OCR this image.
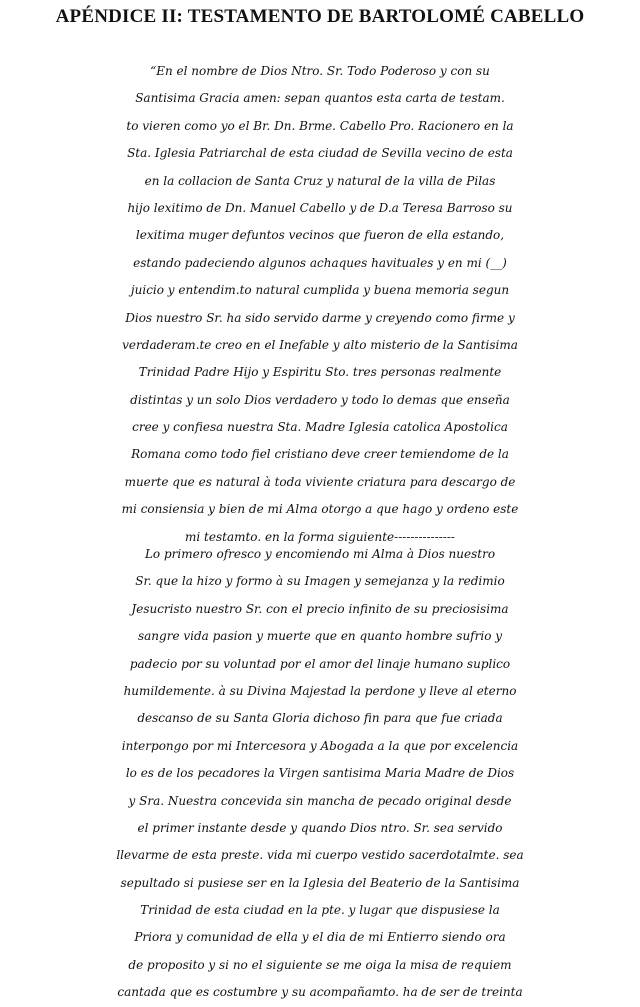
APÉNDICE II: TESTAMENTO DE BARTOLOMÉ CABELLO
“En el nombre de Dios Ntro. Sr. Todo Poderoso y con su
Santisima Gracia amen: sepan quantos esta carta de testam.
to vieren como yo el Br. Dn. Brme. Cabello Pro. Racionero en la
Sta. Iglesia Patriarchal de esta ciudad de Sevilla vecino de esta
en la collacion de Santa Cruz y natural de la villa de Pilas
hijo lexitimo de Dn. Manuel Cabello y de D.a Teresa Barroso su
lexitima muger defuntos vecinos que fueron de ella estando,
estando padeciendo algunos achaques havituales y en mi (__)
juicio y entendim.to natural cumplida y buena memoria segun
Dios nuestro Sr. ha sido servido darme y creyendo como firme y
verdaderam.te creo en el Inefable y alto misterio de la Santisima
Trinidad Padre Hijo y Espiritu Sto. tres personas realmente
distintas y un solo Dios verdadero y todo lo demas que enseña
cree y confiesa nuestra Sta. Madre Iglesia catolica Apostolica
Romana como todo fiel cristiano deve creer temiendome de la
muerte que es natural à toda viviente criatura para descargo de
mi consiensia y bien de mi Alma otorgo a que hago y ordeno este
mi testamto. en la forma siguiente---------------
Lo primero ofresco y encomiendo mi Alma à Dios nuestro
Sr. que la hizo y formo à su Imagen y semejanza y la redimio
Jesucristo nuestro Sr. con el precio infinito de su preciosisima
sangre vida pasion y muerte que en quanto hombre sufrio y
padecio por su voluntad por el amor del linaje humano suplico
humildemente. à su Divina Majestad la perdone y lleve al eterno
descanso de su Santa Gloria dichoso fin para que fue criada
interpongo por mi Intercesora y Abogada a la que por excelencia
lo es de los pecadores la Virgen santisima Maria Madre de Dios
y Sra. Nuestra concevida sin mancha de pecado original desde
el primer instante desde y quando Dios ntro. Sr. sea servido
llevarme de esta preste. vida mi cuerpo vestido sacerdotalmte. sea
sepultado si pusiese ser en la Iglesia del Beaterio de la Santisima
Trinidad de esta ciudad en la pte. y lugar que dispusiese la
Priora y comunidad de ella y el dia de mi Entierro siendo ora
de proposito y si no el siguiente se me oiga la misa de requiem
cantada que es costumbre y su acompañamto. ha de ser de treinta
